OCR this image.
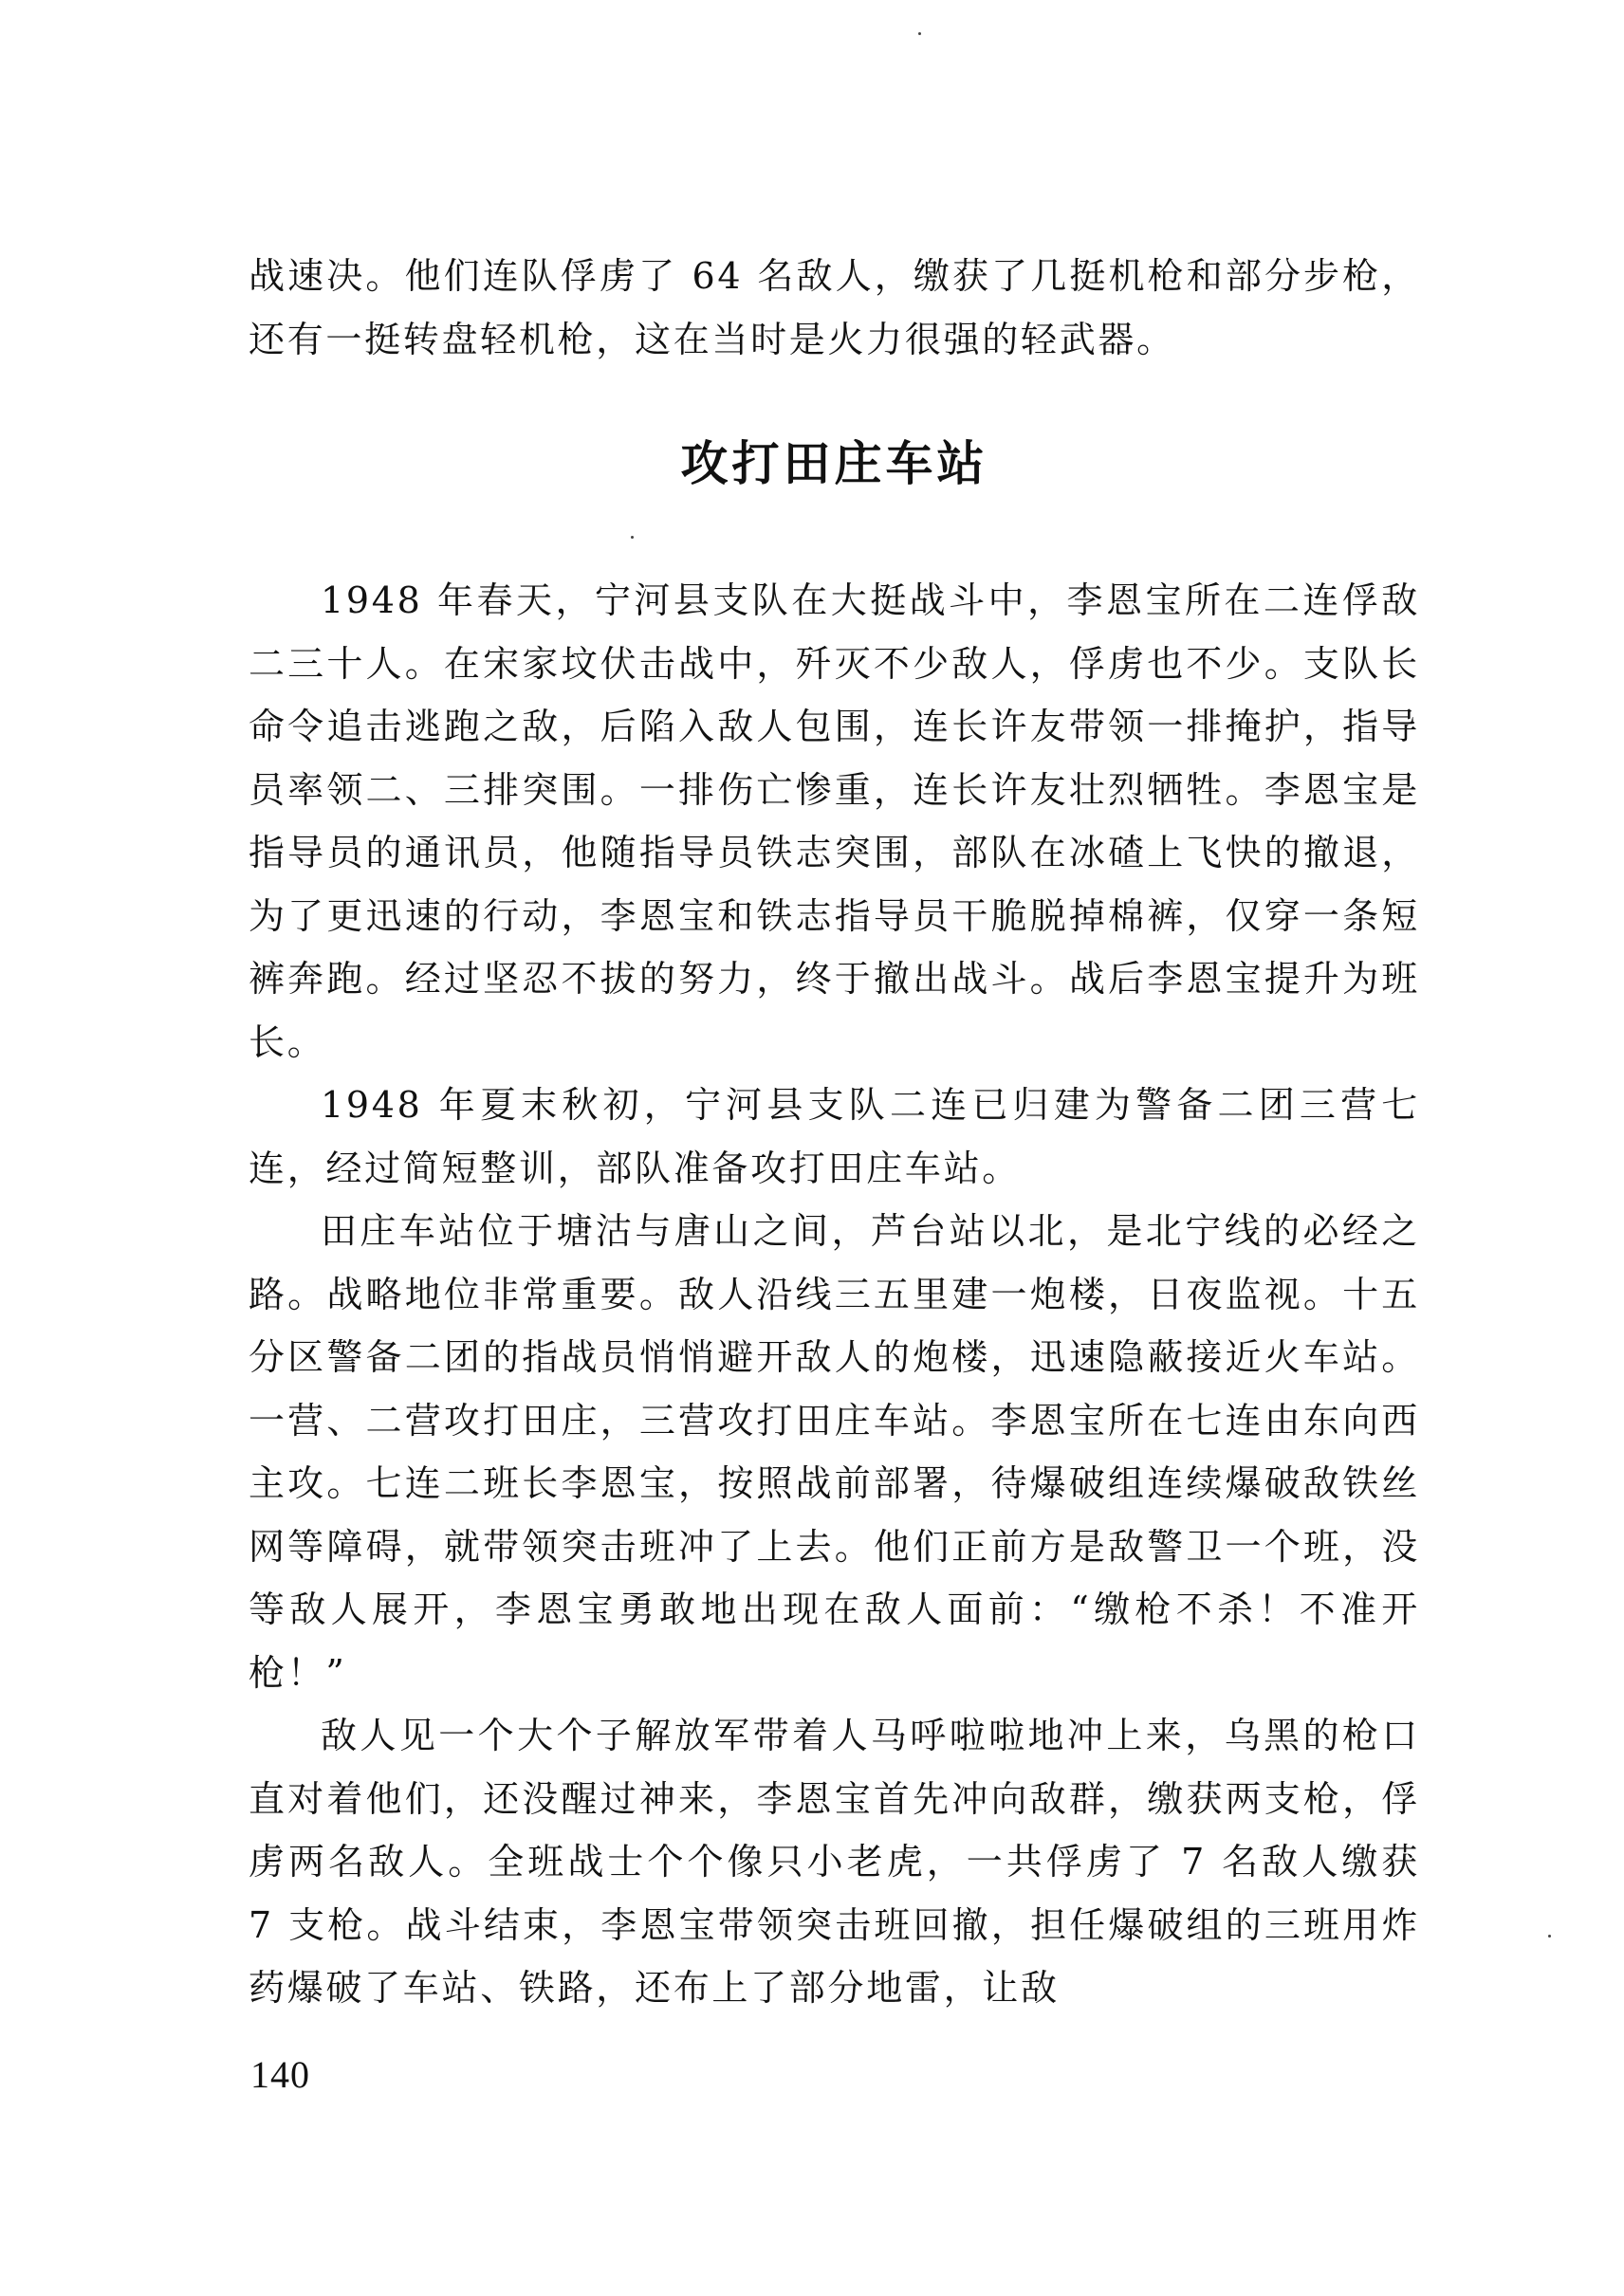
战速决。他们连队俘虏了 64 名敌人，缴获了几挺机枪和部分步枪，还有一挺转盘轻机枪，这在当时是火力很强的轻武器。

攻打田庄车站

1948 年春天，宁河县支队在大挺战斗中，李恩宝所在二连俘敌二三十人。在宋家坟伏击战中，歼灭不少敌人，俘虏也不少。支队长命令追击逃跑之敌，后陷入敌人包围，连长许友带领一排掩护，指导员率领二、三排突围。一排伤亡惨重，连长许友壮烈牺牲。李恩宝是指导员的通讯员，他随指导员铁志突围，部队在冰碴上飞快的撤退，为了更迅速的行动，李恩宝和铁志指导员干脆脱掉棉裤，仅穿一条短裤奔跑。经过坚忍不拔的努力，终于撤出战斗。战后李恩宝提升为班长。

1948 年夏末秋初，宁河县支队二连已归建为警备二团三营七连，经过简短整训，部队准备攻打田庄车站。

田庄车站位于塘沽与唐山之间，芦台站以北，是北宁线的必经之路。战略地位非常重要。敌人沿线三五里建一炮楼，日夜监视。十五分区警备二团的指战员悄悄避开敌人的炮楼，迅速隐蔽接近火车站。一营、二营攻打田庄，三营攻打田庄车站。李恩宝所在七连由东向西主攻。七连二班长李恩宝，按照战前部署，待爆破组连续爆破敌铁丝网等障碍，就带领突击班冲了上去。他们正前方是敌警卫一个班，没等敌人展开，李恩宝勇敢地出现在敌人面前：“缴枪不杀！不准开枪！”

敌人见一个大个子解放军带着人马呼啦啦地冲上来，乌黑的枪口直对着他们，还没醒过神来，李恩宝首先冲向敌群，缴获两支枪，俘虏两名敌人。全班战士个个像只小老虎，一共俘虏了 7 名敌人缴获 7 支枪。战斗结束，李恩宝带领突击班回撤，担任爆破组的三班用炸药爆破了车站、铁路，还布上了部分地雷，让敌

140
